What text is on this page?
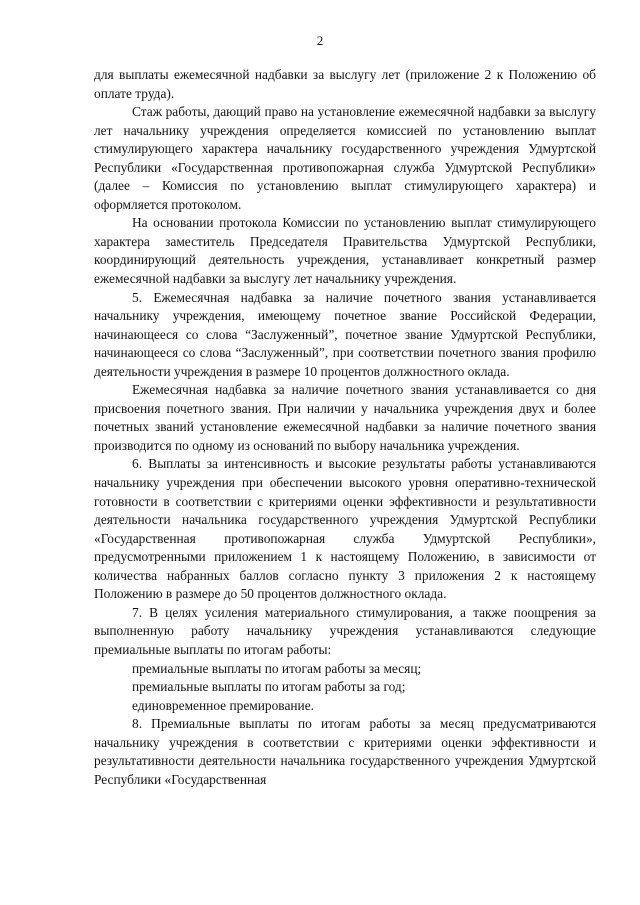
2

для выплаты ежемесячной надбавки за выслугу лет (приложение 2 к Положению об оплате труда).

Стаж работы, дающий право на установление ежемесячной надбавки за выслугу лет начальнику учреждения определяется комиссией по установлению выплат стимулирующего характера начальнику государственного учреждения Удмуртской Республики «Государственная противопожарная служба Удмуртской Республики» (далее – Комиссия по установлению выплат стимулирующего характера) и оформляется протоколом.

На основании протокола Комиссии по установлению выплат стимулирующего характера заместитель Председателя Правительства Удмуртской Республики, координирующий деятельность учреждения, устанавливает конкретный размер ежемесячной надбавки за выслугу лет начальнику учреждения.

5. Ежемесячная надбавка за наличие почетного звания устанавливается начальнику учреждения, имеющему почетное звание Российской Федерации, начинающееся со слова “Заслуженный”, почетное звание Удмуртской Республики, начинающееся со слова “Заслуженный”, при соответствии почетного звания профилю деятельности учреждения в размере 10 процентов должностного оклада.

Ежемесячная надбавка за наличие почетного звания устанавливается со дня присвоения почетного звания. При наличии у начальника учреждения двух и более почетных званий установление ежемесячной надбавки за наличие почетного звания производится по одному из оснований по выбору начальника учреждения.

6. Выплаты за интенсивность и высокие результаты работы устанавливаются начальнику учреждения при обеспечении высокого уровня оперативно-технической готовности в соответствии с критериями оценки эффективности и результативности деятельности начальника государственного учреждения Удмуртской Республики «Государственная противопожарная служба Удмуртской Республики», предусмотренными приложением 1 к настоящему Положению, в зависимости от количества набранных баллов согласно пункту 3 приложения 2 к настоящему Положению в размере до 50 процентов должностного оклада.

7. В целях усиления материального стимулирования, а также поощрения за выполненную работу начальнику учреждения устанавливаются следующие премиальные выплаты по итогам работы:

премиальные выплаты по итогам работы за месяц;

премиальные выплаты по итогам работы за год;

единовременное премирование.

8. Премиальные выплаты по итогам работы за месяц предусматриваются начальнику учреждения в соответствии с критериями оценки эффективности и результативности деятельности начальника государственного учреждения Удмуртской Республики «Государственная
